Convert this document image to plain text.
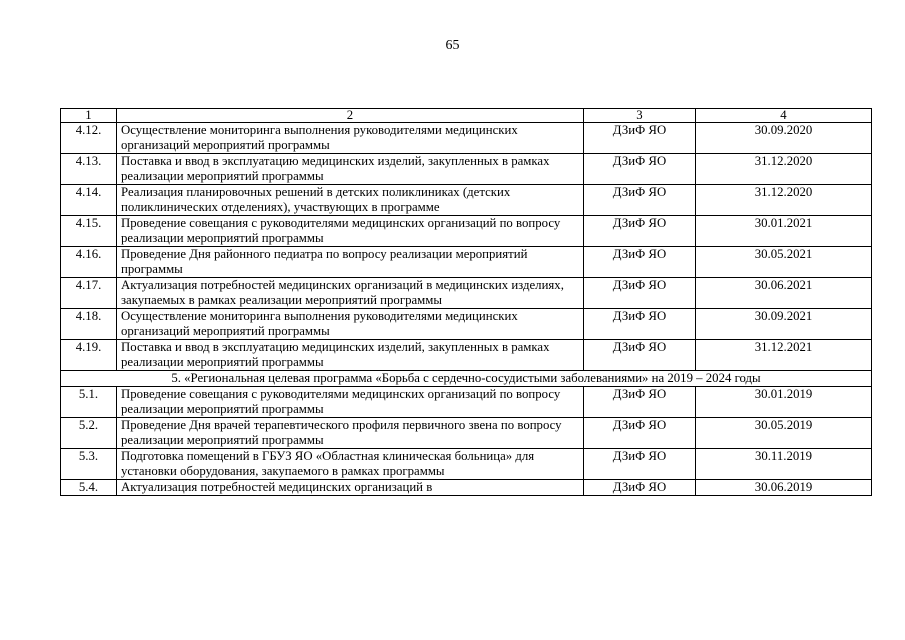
65
1	2	3	4
4.12.	Осуществление мониторинга выполнения руководителями медицинских организаций мероприятий программы	ДЗиФ ЯО	30.09.2020
4.13.	Поставка и ввод в эксплуатацию медицинских изделий, закупленных в рамках реализации мероприятий программы	ДЗиФ ЯО	31.12.2020
4.14.	Реализация планировочных решений в детских поликлиниках (детских поликлинических отделениях), участвующих в программе	ДЗиФ ЯО	31.12.2020
4.15.	Проведение совещания с руководителями медицинских организаций по вопросу реализации мероприятий программы	ДЗиФ ЯО	30.01.2021
4.16.	Проведение Дня районного педиатра по вопросу реализации мероприятий программы	ДЗиФ ЯО	30.05.2021
4.17.	Актуализация потребностей медицинских организаций в медицинских изделиях, закупаемых в рамках реализации мероприятий программы	ДЗиФ ЯО	30.06.2021
4.18.	Осуществление мониторинга выполнения руководителями медицинских организаций мероприятий программы	ДЗиФ ЯО	30.09.2021
4.19.	Поставка и ввод в эксплуатацию медицинских изделий, закупленных в рамках реализации мероприятий программы	ДЗиФ ЯО	31.12.2021
5. «Региональная целевая программа «Борьба с сердечно-сосудистыми заболеваниями» на 2019 – 2024 годы			
5.1.	Проведение совещания с руководителями медицинских организаций по вопросу реализации мероприятий программы	ДЗиФ ЯО	30.01.2019
5.2.	Проведение Дня врачей терапевтического профиля первичного звена по вопросу реализации мероприятий программы	ДЗиФ ЯО	30.05.2019
5.3.	Подготовка помещений в ГБУЗ ЯО «Областная клиническая больница» для установки оборудования, закупаемого в рамках программы	ДЗиФ ЯО	30.11.2019
5.4.	Актуализация потребностей медицинских организаций в	ДЗиФ ЯО	30.06.2019
